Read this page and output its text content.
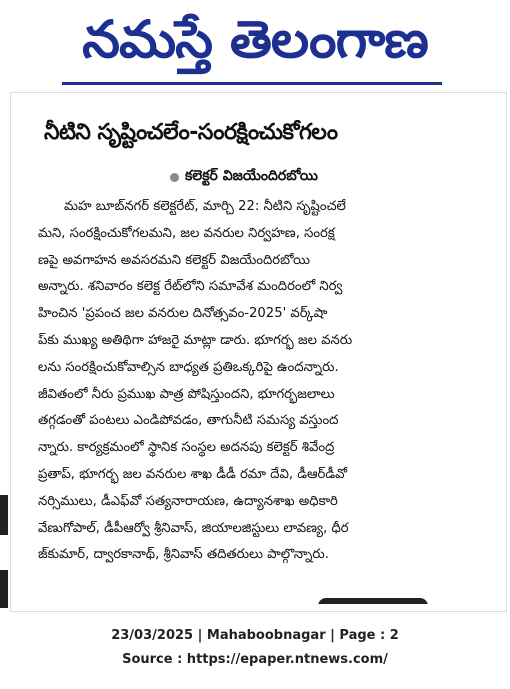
నమస్తే తెలంగాణ
నీటిని సృష్టించలేం-సంరక్షించుకోగలం
కలెక్టర్ విజయేందిరబోయి
మహ బూబ్‌నగర్ కలెక్టరేట్, మార్చి 22: నీటిని సృష్టించలే
మని, సంరక్షించుకోగలమని, జల వనరుల నిర్వహణ, సంరక్ష
ణపై అవగాహన అవసరమని కలెక్టర్ విజయేందిరబోయి
అన్నారు. శనివారం కలెక్ట రేట్‌లోని సమావేశ మందిరంలో నిర్వ
హించిన 'ప్రపంచ జల వనరుల దినోత్సవం-2025' వర్క్‌షా
ప్‌కు ముఖ్య అతిథిగా హాజరై మాట్లా డారు. భూగర్భ జల వనరు
లను సంరక్షించుకోవాల్సిన బాధ్యత ప్రతిఒక్కరిపై ఉందన్నారు.
జీవితంలో నీరు ప్రముఖ పాత్ర పోషిస్తుందని, భూగర్భజలాలు
తగ్గడంతో పంటలు ఎండిపోవడం, తాగునీటి సమస్య వస్తుంద
న్నారు. కార్యక్రమంలో స్థానిక సంస్థల అదనపు కలెక్టర్ శివేంద్ర
ప్రతాప్, భూగర్భ జల వనరుల శాఖ డీడీ రమా దేవి, డీఆర్‌డీవో
నర్సిములు, డీఎఫ్‌వో సత్యనారాయణ, ఉద్యానశాఖ అధికారి
వేణుగోపాల్, డీపీఆర్వో శ్రీనివాస్, జియాలజిస్టులు లావణ్య, ధీర
జ్‌కుమార్, ద్వారకానాథ్, శ్రీనివాస్ తదితరులు పాల్గొన్నారు.
23/03/2025 | Mahaboobnagar | Page : 2
Source : https://epaper.ntnews.com/
